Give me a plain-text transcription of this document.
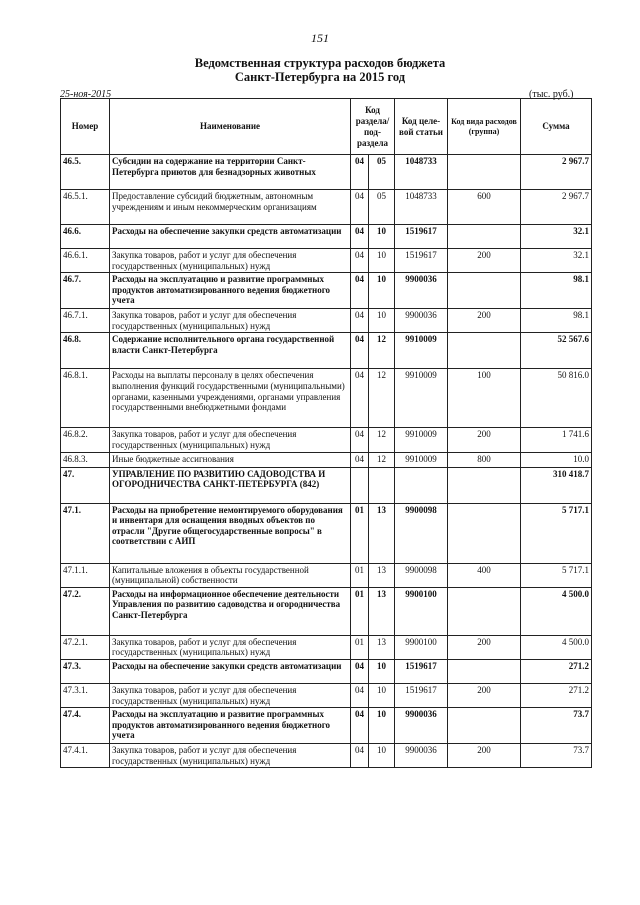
151
Ведомственная структура расходов бюджета
Санкт-Петербурга на 2015 год
25-ноя-2015	(тыс. руб.)
Номер	Наименование	Код раздела/ под- раздела		Код целе- вой статьи	Код вида расходов (группа)	Сумма
46.5.	Субсидии на содержание на территории Санкт-Петербурга приютов для безнадзорных животных	04	05	1048733		2 967.7
46.5.1.	Предоставление субсидий бюджетным, автономным учреждениям и иным некоммерческим организациям	04	05	1048733	600	2 967.7
46.6.	Расходы на обеспечение закупки средств автоматизации	04	10	1519617		32.1
46.6.1.	Закупка товаров, работ и услуг для обеспечения государственных (муниципальных) нужд	04	10	1519617	200	32.1
46.7.	Расходы на эксплуатацию и развитие программных продуктов автоматизированного ведения бюджетного учета	04	10	9900036		98.1
46.7.1.	Закупка товаров, работ и услуг для обеспечения государственных (муниципальных) нужд	04	10	9900036	200	98.1
46.8.	Содержание исполнительного органа государственной власти Санкт-Петербурга	04	12	9910009		52 567.6
46.8.1.	Расходы на выплаты персоналу в целях обеспечения выполнения функций государственными (муниципальными) органами, казенными учреждениями, органами управления государственными внебюджетными фондами	04	12	9910009	100	50 816.0
46.8.2.	Закупка товаров, работ и услуг для обеспечения государственных (муниципальных) нужд	04	12	9910009	200	1 741.6
46.8.3.	Иные бюджетные ассигнования	04	12	9910009	800	10.0
47.	УПРАВЛЕНИЕ ПО РАЗВИТИЮ САДОВОДСТВА И ОГОРОДНИЧЕСТВА САНКТ-ПЕТЕРБУРГА (842)					310 418.7
47.1.	Расходы на приобретение немонтируемого оборудования и инвентаря для оснащения вводных объектов по отрасли "Другие общегосударственные вопросы" в соответствии с АИП	01	13	9900098		5 717.1
47.1.1.	Капитальные вложения в объекты государственной (муниципальной) собственности	01	13	9900098	400	5 717.1
47.2.	Расходы на информационное обеспечение деятельности Управления по развитию садоводства и огородничества Санкт-Петербурга	01	13	9900100		4 500.0
47.2.1.	Закупка товаров, работ и услуг для обеспечения государственных (муниципальных) нужд	01	13	9900100	200	4 500.0
47.3.	Расходы на обеспечение закупки средств автоматизации	04	10	1519617		271.2
47.3.1.	Закупка товаров, работ и услуг для обеспечения государственных (муниципальных) нужд	04	10	1519617	200	271.2
47.4.	Расходы на эксплуатацию и развитие программных продуктов автоматизированного ведения бюджетного учета	04	10	9900036		73.7
47.4.1.	Закупка товаров, работ и услуг для обеспечения государственных (муниципальных) нужд	04	10	9900036	200	73.7
